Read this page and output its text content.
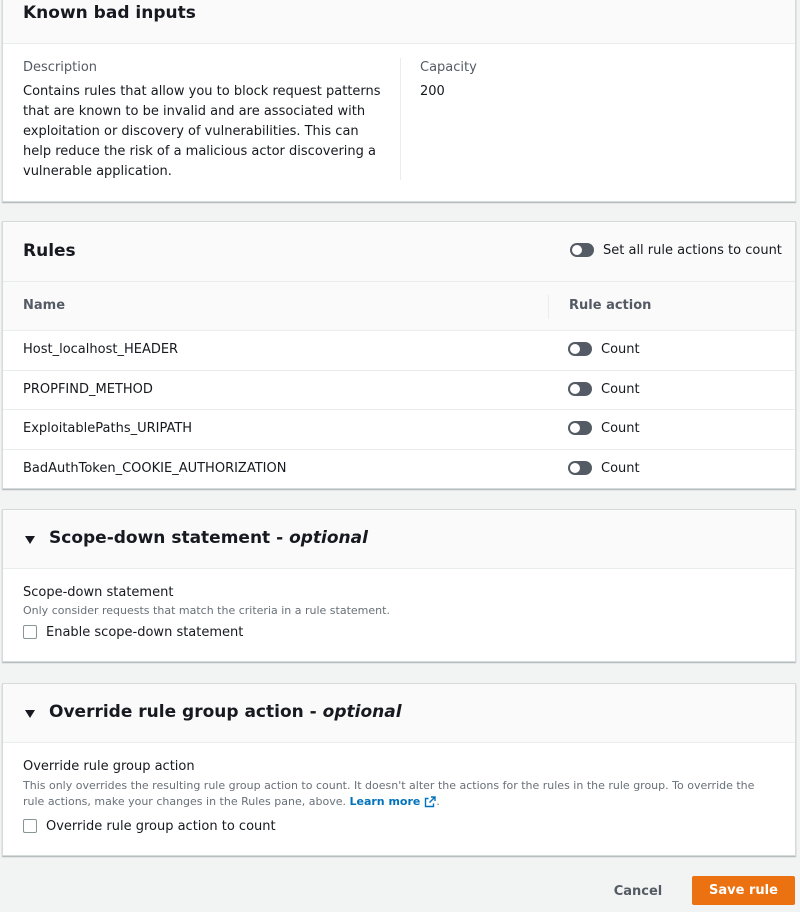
Known bad inputs
Description
Contains rules that allow you to block request patterns that are known to be invalid and are associated with exploitation or discovery of vulnerabilities. This can help reduce the risk of a malicious actor discovering a vulnerable application.
Capacity
200
Rules	Set all rule actions to count
Name	Rule action
Host_localhost_HEADER	Count
PROPFIND_METHOD	Count
ExploitablePaths_URIPATH	Count
BadAuthToken_COOKIE_AUTHORIZATION	Count
Scope-down statement - optional
Scope-down statement
Only consider requests that match the criteria in a rule statement.
Enable scope-down statement
Override rule group action - optional
Override rule group action
This only overrides the resulting rule group action to count. It doesn't alter the actions for the rules in the rule group. To override the rule actions, make your changes in the Rules pane, above. Learn more .
Override rule group action to count
Cancel	Save rule
